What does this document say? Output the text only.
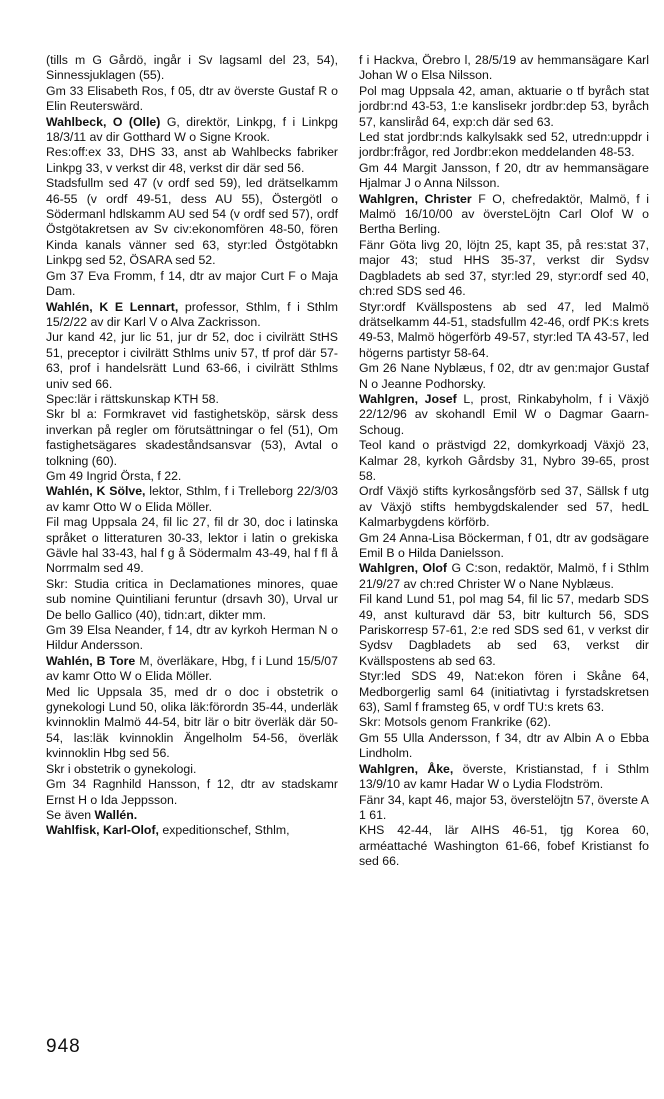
(tills m G Gårdö, ingår i Sv lagsaml del 23, 54), Sinnessjuklagen (55).

Gm 33 Elisabeth Ros, f 05, dtr av överste Gustaf R o Elin Reuterswärd.

Wahlbeck, O (Olle) G, direktör, Linkpg, f i Linkpg 18/3/11 av dir Gotthard W o Signe Krook.

Res:off:ex 33, DHS 33, anst ab Wahlbecks fabriker Linkpg 33, v verkst dir 48, verkst dir där sed 56.

Stadsfullm sed 47 (v ordf sed 59), led drätselkamm 46-55 (v ordf 49-51, dess AU 55), Östergötl o Södermanl hdlskamm AU sed 54 (v ordf sed 57), ordf Östgötakretsen av Sv civ:ekonomfören 48-50, fören Kinda kanals vänner sed 63, styr:led Östgötabkn Linkpg sed 52, ÖSARA sed 52.

Gm 37 Eva Fromm, f 14, dtr av major Curt F o Maja Dam.

Wahlén, K E Lennart, professor, Sthlm, f i Sthlm 15/2/22 av dir Karl V o Alva Zackrisson.

Jur kand 42, jur lic 51, jur dr 52, doc i civilrätt StHS 51, preceptor i civilrätt Sthlms univ 57, tf prof där 57-63, prof i handelsrätt Lund 63-66, i civilrätt Sthlms univ sed 66.

Spec:lär i rättskunskap KTH 58.

Skr bl a: Formkravet vid fastighetsköp, särsk dess inverkan på regler om förutsättningar o fel (51), Om fastighetsägares skadeståndsansvar (53), Avtal o tolkning (60).

Gm 49 Ingrid Örsta, f 22.

Wahlén, K Sölve, lektor, Sthlm, f i Trelleborg 22/3/03 av kamr Otto W o Elida Möller.

Fil mag Uppsala 24, fil lic 27, fil dr 30, doc i latinska språket o litteraturen 30-33, lektor i latin o grekiska Gävle hal 33-43, hal f g å Södermalm 43-49, hal f fl å Norrmalm sed 49.

Skr: Studia critica in Declamationes minores, quae sub nomine Quintiliani feruntur (drsavh 30), Urval ur De bello Gallico (40), tidn:art, dikter mm.

Gm 39 Elsa Neander, f 14, dtr av kyrkoh Herman N o Hildur Andersson.

Wahlén, B Tore M, överläkare, Hbg, f i Lund 15/5/07 av kamr Otto W o Elida Möller.

Med lic Uppsala 35, med dr o doc i obstetrik o gynekologi Lund 50, olika läk:förordn 35-44, underläk kvinnoklin Malmö 44-54, bitr lär o bitr överläk där 50-54, las:läk kvinnoklin Ängelholm 54-56, överläk kvinnoklin Hbg sed 56.

Skr i obstetrik o gynekologi.

Gm 34 Ragnhild Hansson, f 12, dtr av stadskamr Ernst H o Ida Jeppsson.

Se även Wallén.

Wahlfisk, Karl-Olof, expeditionschef, Sthlm,

f i Hackva, Örebro l, 28/5/19 av hemmansägare Karl Johan W o Elsa Nilsson.

Pol mag Uppsala 42, aman, aktuarie o tf byråch stat jordbr:nd 43-53, 1:e kanslisekr jordbr:dep 53, byråch 57, kansliråd 64, exp:ch där sed 63.

Led stat jordbr:nds kalkylsakk sed 52, utredn:uppdr i jordbr:frågor, red Jordbr:ekon meddelanden 48-53.

Gm 44 Margit Jansson, f 20, dtr av hemmansägare Hjalmar J o Anna Nilsson.

Wahlgren, Christer F O, chefredaktör, Malmö, f i Malmö 16/10/00 av översteLöjtn Carl Olof W o Bertha Berling.

Fänr Göta livg 20, löjtn 25, kapt 35, på res:stat 37, major 43; stud HHS 35-37, verkst dir Sydsv Dagbladets ab sed 37, styr:led 29, styr:ordf sed 40, ch:red SDS sed 46.

Styr:ordf Kvällspostens ab sed 47, led Malmö drätselkamm 44-51, stadsfullm 42-46, ordf PK:s krets 49-53, Malmö högerförb 49-57, styr:led TA 43-57, led högerns partistyr 58-64.

Gm 26 Nane Nyblæus, f 02, dtr av gen:major Gustaf N o Jeanne Podhorsky.

Wahlgren, Josef L, prost, Rinkabyholm, f i Växjö 22/12/96 av skohandl Emil W o Dagmar Gaarn-Schoug.

Teol kand o prästvigd 22, domkyrkoadj Växjö 23, Kalmar 28, kyrkoh Gårdsby 31, Nybro 39-65, prost 58.

Ordf Växjö stifts kyrkosångsförb sed 37, Sällsk f utg av Växjö stifts hembygdskalender sed 57, hedL Kalmarbygdens körförb.

Gm 24 Anna-Lisa Böckerman, f 01, dtr av godsägare Emil B o Hilda Danielsson.

Wahlgren, Olof G C:son, redaktör, Malmö, f i Sthlm 21/9/27 av ch:red Christer W o Nane Nyblæus.

Fil kand Lund 51, pol mag 54, fil lic 57, medarb SDS 49, anst kulturavd där 53, bitr kulturch 56, SDS Pariskorresp 57-61, 2:e red SDS sed 61, v verkst dir Sydsv Dagbladets ab sed 63, verkst dir Kvällspostens ab sed 63.

Styr:led SDS 49, Nat:ekon fören i Skåne 64, Medborgerlig saml 64 (initiativtag i fyrstadskretsen 63), Saml f framsteg 65, v ordf TU:s krets 63.

Skr: Motsols genom Frankrike (62).

Gm 55 Ulla Andersson, f 34, dtr av Albin A o Ebba Lindholm.

Wahlgren, Åke, överste, Kristianstad, f i Sthlm 13/9/10 av kamr Hadar W o Lydia Flodström.

Fänr 34, kapt 46, major 53, överstelöjtn 57, överste A 1 61.

KHS 42-44, lär AIHS 46-51, tjg Korea 60, arméattaché Washington 61-66, fobef Kristianst fo sed 66.

948
